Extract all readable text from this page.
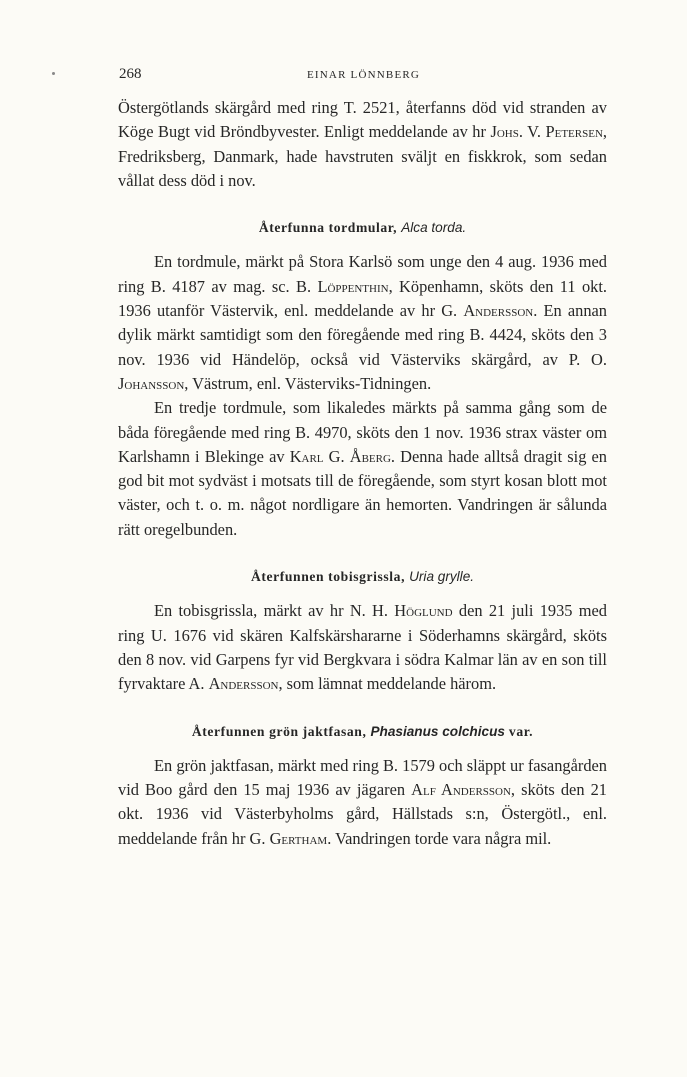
268	EINAR LÖNNBERG

Östergötlands skärgård med ring T. 2521, återfanns död vid stranden av Köge Bugt vid Bröndbyvester. Enligt meddelande av hr Johs. V. Petersen, Fredriksberg, Danmark, hade havstruten sväljt en fiskkrok, som sedan vållat dess död i nov.

Återfunna tordmular, Alca torda.

En tordmule, märkt på Stora Karlsö som unge den 4 aug. 1936 med ring B. 4187 av mag. sc. B. Löppenthin, Köpenhamn, sköts den 11 okt. 1936 utanför Västervik, enl. meddelande av hr G. Andersson. En annan dylik märkt samtidigt som den föregående med ring B. 4424, sköts den 3 nov. 1936 vid Händelöp, också vid Västerviks skärgård, av P. O. Johansson, Västrum, enl. Västerviks-Tidningen.

En tredje tordmule, som likaledes märkts på samma gång som de båda föregående med ring B. 4970, sköts den 1 nov. 1936 strax väster om Karlshamn i Blekinge av Karl G. Åberg. Denna hade alltså dragit sig en god bit mot sydväst i motsats till de föregående, som styrt kosan blott mot väster, och t. o. m. något nordligare än hemorten. Vandringen är sålunda rätt oregelbunden.

Återfunnen tobisgrissla, Uria grylle.

En tobisgrissla, märkt av hr N. H. Höglund den 21 juli 1935 med ring U. 1676 vid skären Kalfskärshararne i Söderhamns skärgård, sköts den 8 nov. vid Garpens fyr vid Bergkvara i södra Kalmar län av en son till fyrvaktare A. Andersson, som lämnat meddelande härom.

Återfunnen grön jaktfasan, Phasianus colchicus var.

En grön jaktfasan, märkt med ring B. 1579 och släppt ur fasangården vid Boo gård den 15 maj 1936 av jägaren Alf Andersson, sköts den 21 okt. 1936 vid Västerbyholms gård, Hällstads s:n, Östergötl., enl. meddelande från hr G. Gertham. Vandringen torde vara några mil.
